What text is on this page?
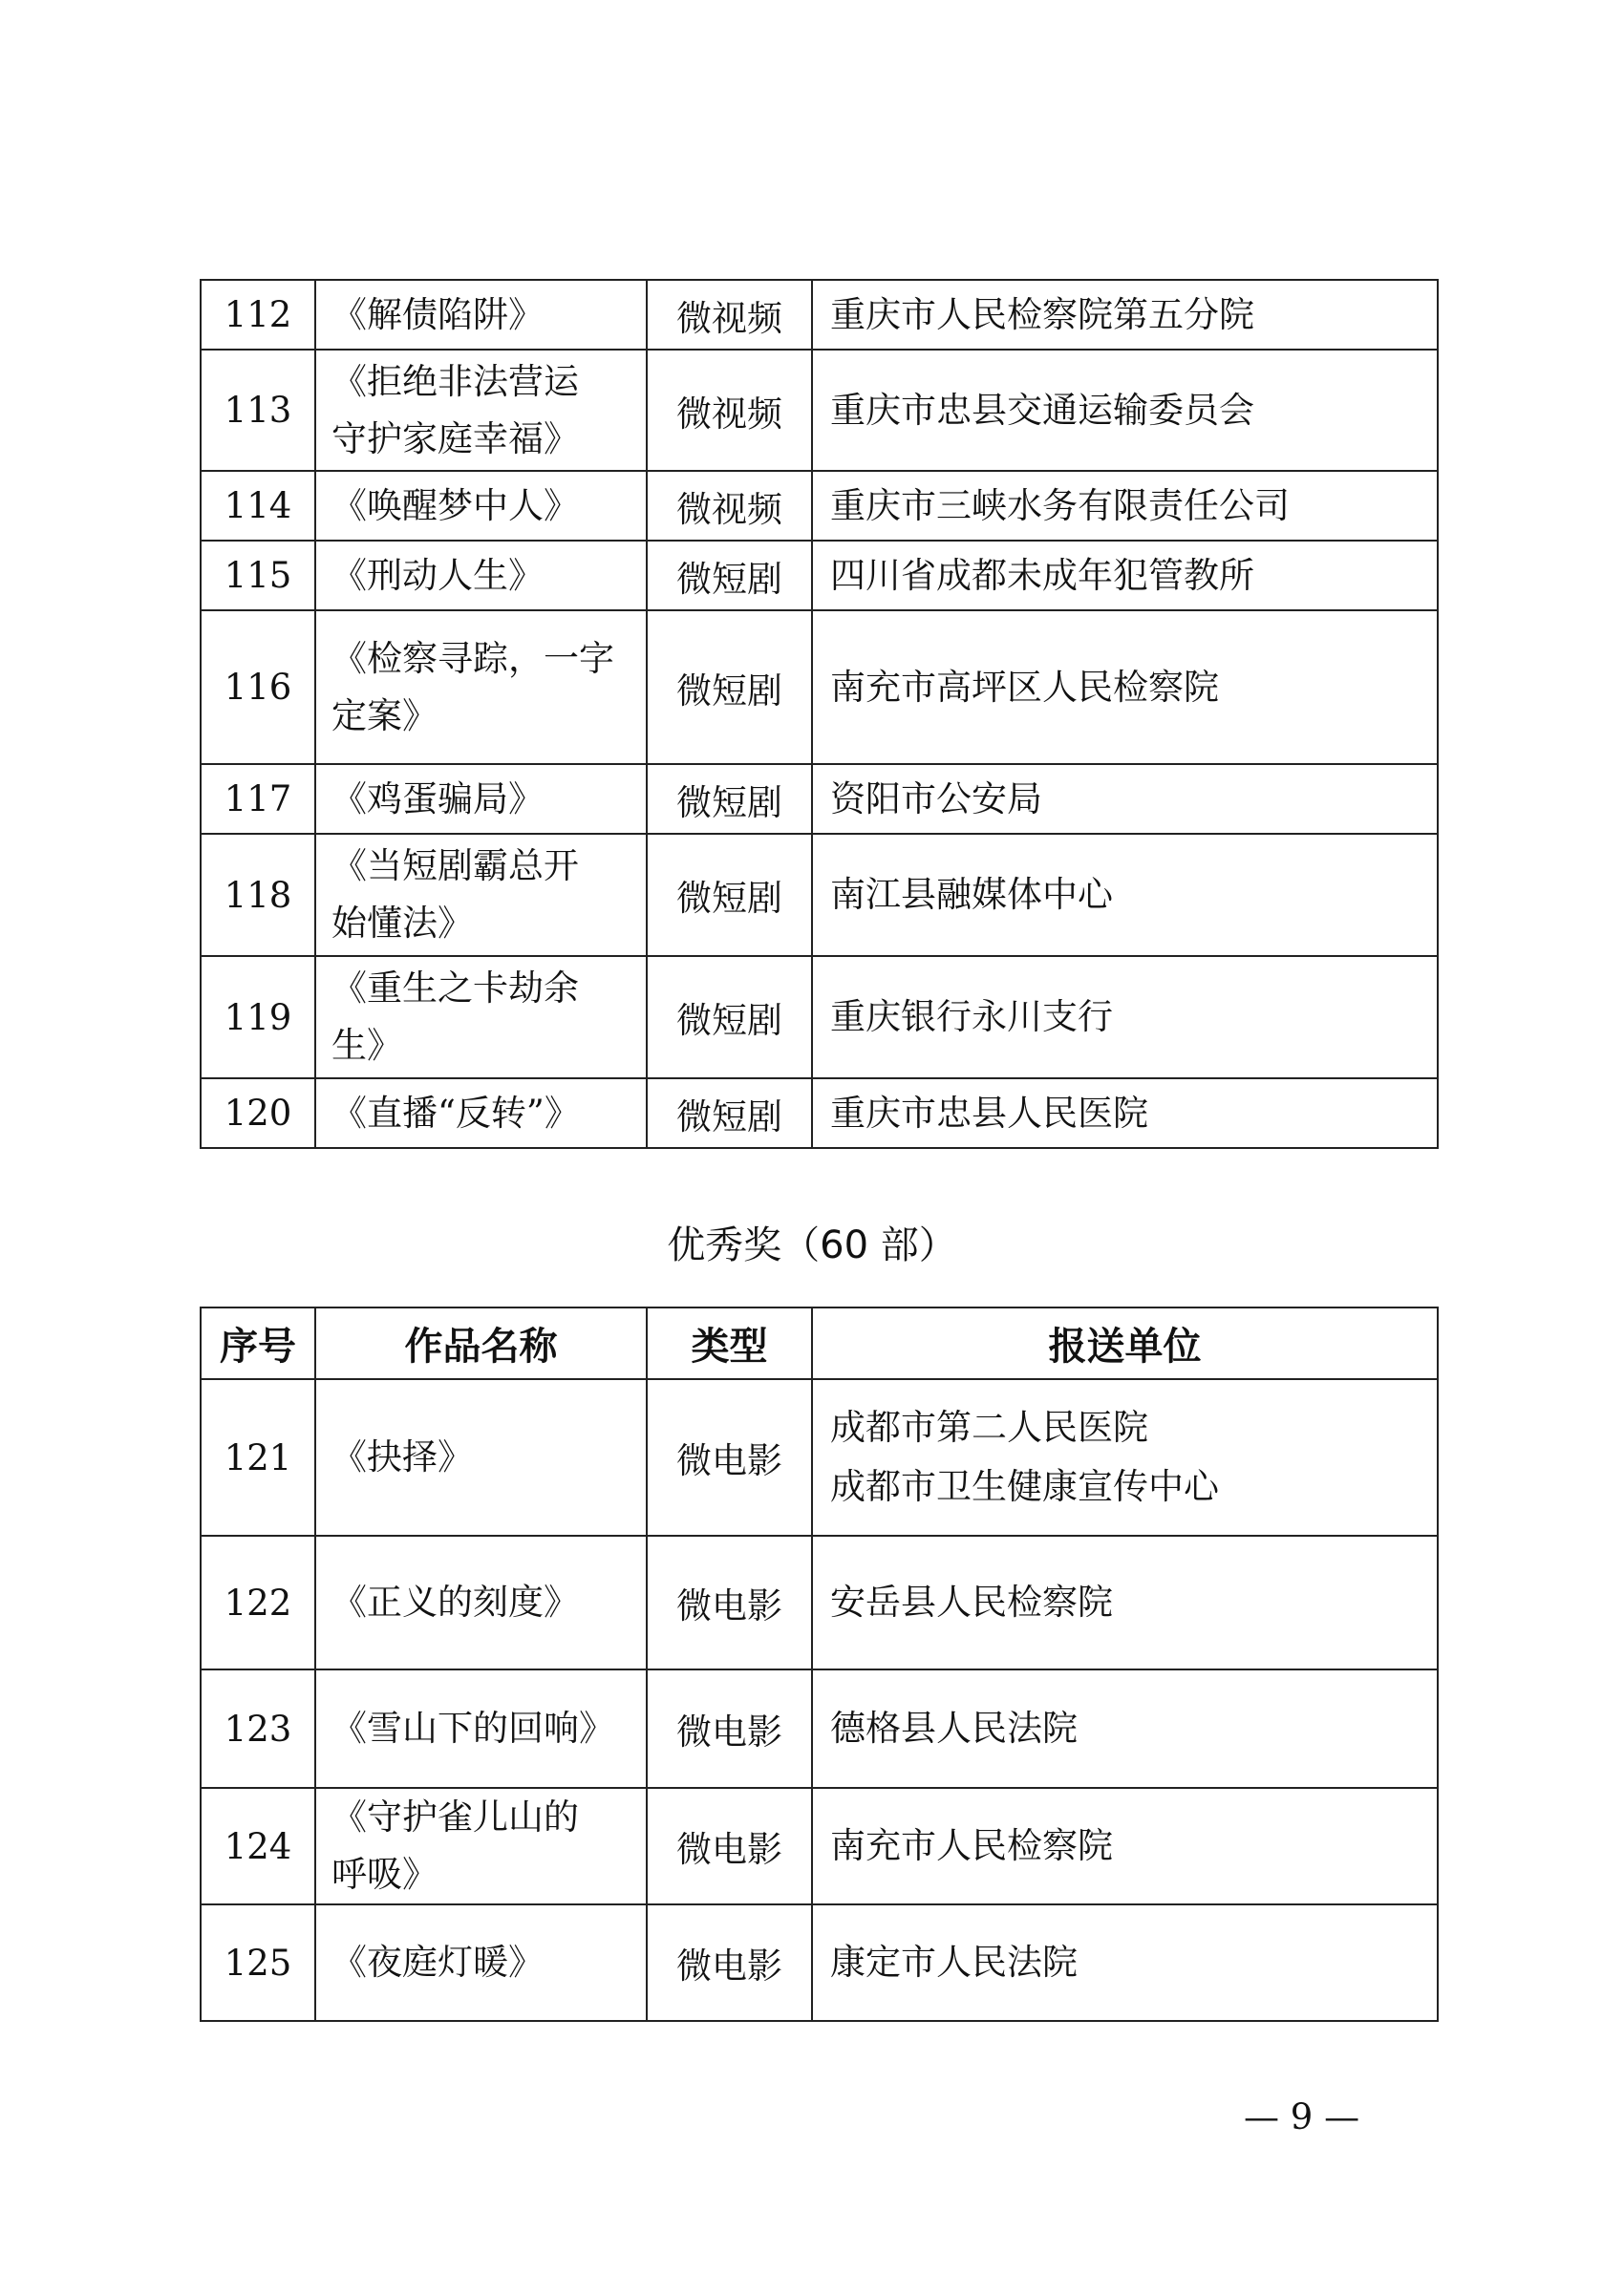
112	《解债陷阱》	微视频	重庆市人民检察院第五分院

113	《拒绝非法营运
守护家庭幸福》	微视频	重庆市忠县交通运输委员会

114	《唤醒梦中人》	微视频	重庆市三峡水务有限责任公司

115	《刑动人生》	微短剧	四川省成都未成年犯管教所

116	《检察寻踪，一字
定案》	微短剧	南充市高坪区人民检察院

117	《鸡蛋骗局》	微短剧	资阳市公安局

118	《当短剧霸总开
始懂法》	微短剧	南江县融媒体中心

119	《重生之卡劫余
生》	微短剧	重庆银行永川支行

120	《直播“反转”》	微短剧	重庆市忠县人民医院
优秀奖（60 部）
序号	作品名称	类型	报送单位
121	《抉择》	微电影	成都市第二人民医院
成都市卫生健康宣传中心

122	《正义的刻度》	微电影	安岳县人民检察院

123	《雪山下的回响》	微电影	德格县人民法院

124	《守护雀儿山的
呼吸》	微电影	南充市人民检察院

125	《夜庭灯暖》	微电影	康定市人民法院
— 9 —
